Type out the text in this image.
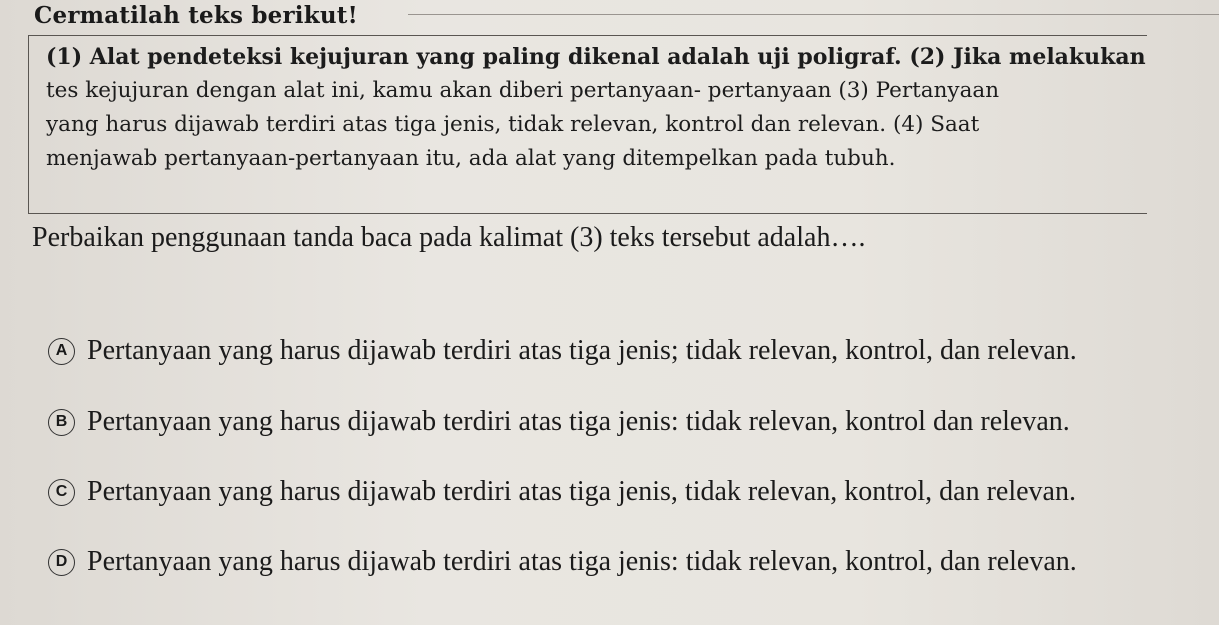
Cermatilah teks berikut!
(1) Alat pendeteksi kejujuran yang paling dikenal adalah uji poligraf. (2) Jika melakukan
tes kejujuran dengan alat ini, kamu akan diberi pertanyaan- pertanyaan (3) Pertanyaan
yang harus dijawab terdiri atas tiga jenis, tidak relevan, kontrol dan relevan. (4) Saat
menjawab pertanyaan-pertanyaan itu, ada alat yang ditempelkan pada tubuh.
Perbaikan penggunaan tanda baca pada kalimat (3) teks tersebut adalah….
A Pertanyaan yang harus dijawab terdiri atas tiga jenis; tidak relevan, kontrol, dan relevan.
B Pertanyaan yang harus dijawab terdiri atas tiga jenis: tidak relevan, kontrol dan relevan.
C Pertanyaan yang harus dijawab terdiri atas tiga jenis, tidak relevan, kontrol, dan relevan.
D Pertanyaan yang harus dijawab terdiri atas tiga jenis: tidak relevan, kontrol, dan relevan.
